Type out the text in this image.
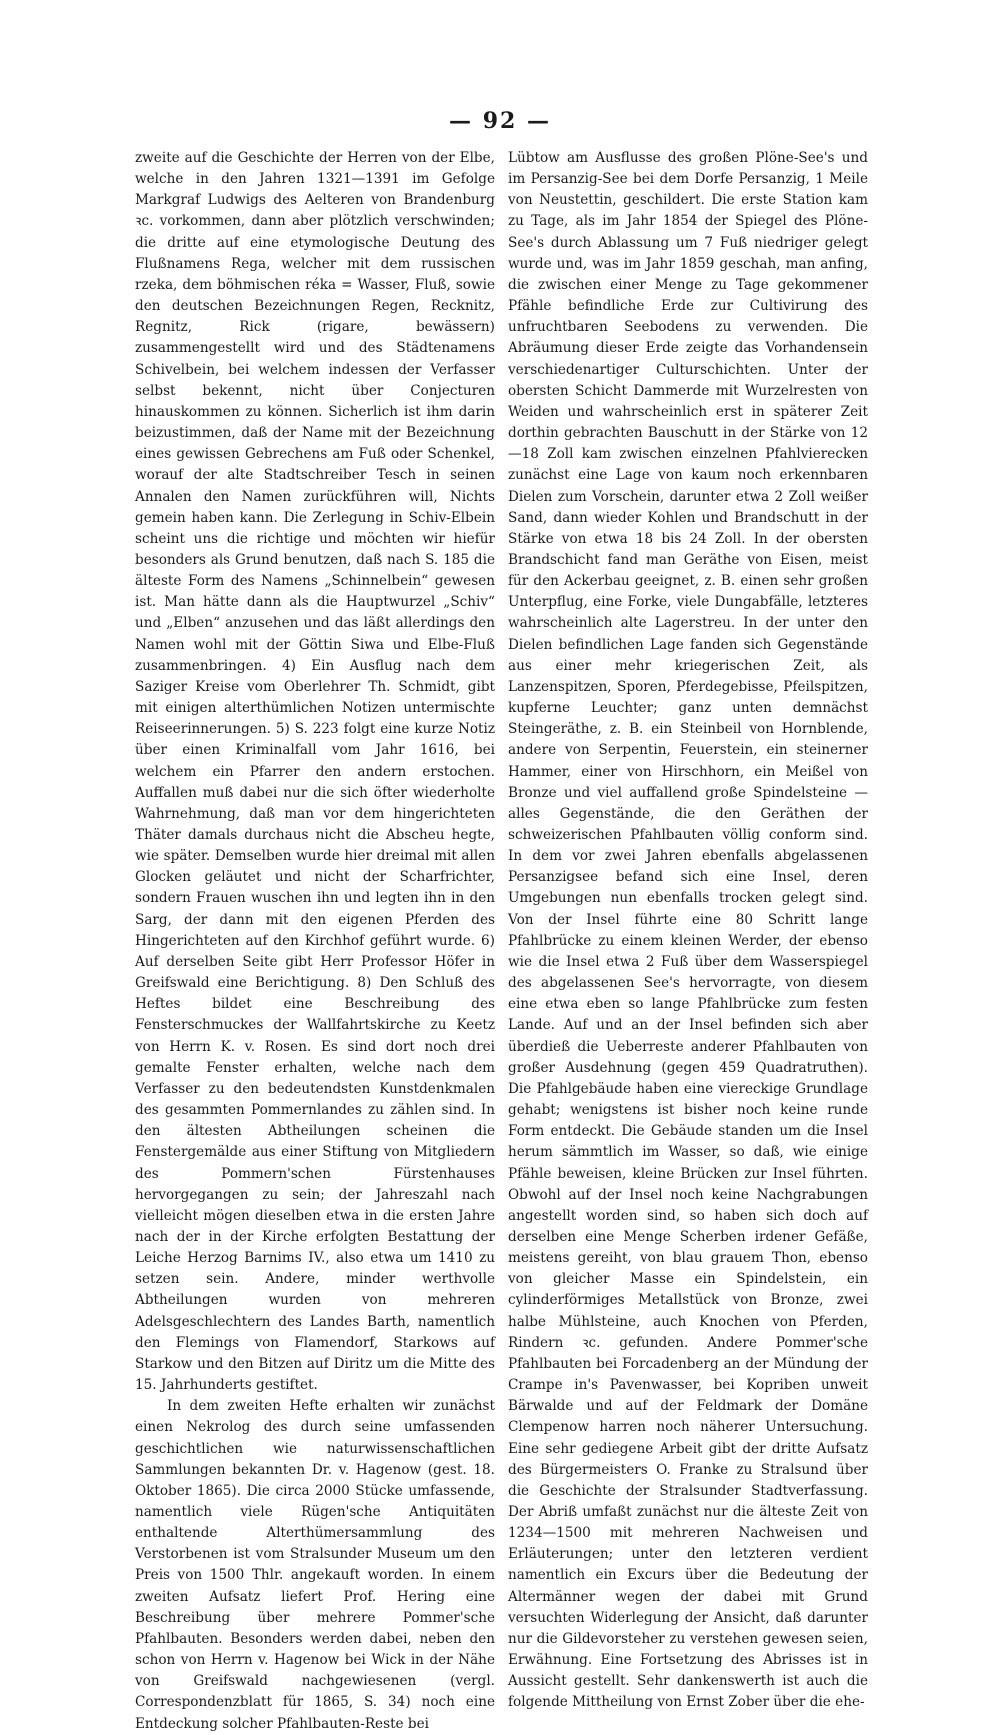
— 92 —

zweite auf die Geschichte der Herren von der Elbe, welche in den Jahren 1321—1391 im Gefolge Markgraf Ludwigs des Aelteren von Brandenburg ꝛc. vorkommen, dann aber plötzlich verschwinden; die dritte auf eine etymologische Deutung des Flußnamens Rega, welcher mit dem russischen rzeka, dem böhmischen réka = Wasser, Fluß, sowie den deutschen Bezeichnungen Regen, Recknitz, Regnitz, Rick (rigare, bewässern) zusammengestellt wird und des Städtenamens Schivelbein, bei welchem indessen der Verfasser selbst bekennt, nicht über Conjecturen hinauskommen zu können. Sicherlich ist ihm darin beizustimmen, daß der Name mit der Bezeichnung eines gewissen Gebrechens am Fuß oder Schenkel, worauf der alte Stadtschreiber Tesch in seinen Annalen den Namen zurückführen will, Nichts gemein haben kann. Die Zerlegung in Schiv-Elbein scheint uns die richtige und möchten wir hiefür besonders als Grund benutzen, daß nach S. 185 die älteste Form des Namens „Schinnelbein“ gewesen ist. Man hätte dann als die Hauptwurzel „Schiv“ und „Elben“ anzusehen und das läßt allerdings den Namen wohl mit der Göttin Siwa und Elbe-Fluß zusammenbringen. 4) Ein Ausflug nach dem Saziger Kreise vom Oberlehrer Th. Schmidt, gibt mit einigen alterthümlichen Notizen untermischte Reiseerinnerungen. 5) S. 223 folgt eine kurze Notiz über einen Kriminalfall vom Jahr 1616, bei welchem ein Pfarrer den andern erstochen. Auffallen muß dabei nur die sich öfter wiederholte Wahrnehmung, daß man vor dem hingerichteten Thäter damals durchaus nicht die Abscheu hegte, wie später. Demselben wurde hier dreimal mit allen Glocken geläutet und nicht der Scharfrichter, sondern Frauen wuschen ihn und legten ihn in den Sarg, der dann mit den eigenen Pferden des Hingerichteten auf den Kirchhof geführt wurde. 6) Auf derselben Seite gibt Herr Professor Höfer in Greifswald eine Berichtigung. 8) Den Schluß des Heftes bildet eine Beschreibung des Fensterschmuckes der Wallfahrtskirche zu Keetz von Herrn K. v. Rosen. Es sind dort noch drei gemalte Fenster erhalten, welche nach dem Verfasser zu den bedeutendsten Kunstdenkmalen des gesammten Pommernlandes zu zählen sind. In den ältesten Abtheilungen scheinen die Fenstergemälde aus einer Stiftung von Mitgliedern des Pommern'schen Fürstenhauses hervorgegangen zu sein; der Jahreszahl nach vielleicht mögen dieselben etwa in die ersten Jahre nach der in der Kirche erfolgten Bestattung der Leiche Herzog Barnims IV., also etwa um 1410 zu setzen sein. Andere, minder werthvolle Abtheilungen wurden von mehreren Adelsgeschlechtern des Landes Barth, namentlich den Flemings von Flamendorf, Starkows auf Starkow und den Bitzen auf Diritz um die Mitte des 15. Jahrhunderts gestiftet.

In dem zweiten Hefte erhalten wir zunächst einen Nekrolog des durch seine umfassenden geschichtlichen wie naturwissenschaftlichen Sammlungen bekannten Dr. v. Hagenow (gest. 18. Oktober 1865). Die circa 2000 Stücke umfassende, namentlich viele Rügen'sche Antiquitäten enthaltende Alterthümersammlung des Verstorbenen ist vom Stralsunder Museum um den Preis von 1500 Thlr. angekauft worden. In einem zweiten Aufsatz liefert Prof. Hering eine Beschreibung über mehrere Pommer'sche Pfahlbauten. Besonders werden dabei, neben den schon von Herrn v. Hagenow bei Wick in der Nähe von Greifswald nachgewiesenen (vergl. Correspondenzblatt für 1865, S. 34) noch eine Entdeckung solcher Pfahlbauten-Reste bei

Lübtow am Ausflusse des großen Plöne-See's und im Persanzig-See bei dem Dorfe Persanzig, 1 Meile von Neustettin, geschildert. Die erste Station kam zu Tage, als im Jahr 1854 der Spiegel des Plöne-See's durch Ablassung um 7 Fuß niedriger gelegt wurde und, was im Jahr 1859 geschah, man anfing, die zwischen einer Menge zu Tage gekommener Pfähle befindliche Erde zur Cultivirung des unfruchtbaren Seebodens zu verwenden. Die Abräumung dieser Erde zeigte das Vorhandensein verschiedenartiger Culturschichten. Unter der obersten Schicht Dammerde mit Wurzelresten von Weiden und wahrscheinlich erst in späterer Zeit dorthin gebrachten Bauschutt in der Stärke von 12—18 Zoll kam zwischen einzelnen Pfahlvierecken zunächst eine Lage von kaum noch erkennbaren Dielen zum Vorschein, darunter etwa 2 Zoll weißer Sand, dann wieder Kohlen und Brandschutt in der Stärke von etwa 18 bis 24 Zoll. In der obersten Brandschicht fand man Geräthe von Eisen, meist für den Ackerbau geeignet, z. B. einen sehr großen Unterpflug, eine Forke, viele Dungabfälle, letzteres wahrscheinlich alte Lagerstreu. In der unter den Dielen befindlichen Lage fanden sich Gegenstände aus einer mehr kriegerischen Zeit, als Lanzenspitzen, Sporen, Pferdegebisse, Pfeilspitzen, kupferne Leuchter; ganz unten demnächst Steingeräthe, z. B. ein Steinbeil von Hornblende, andere von Serpentin, Feuerstein, ein steinerner Hammer, einer von Hirschhorn, ein Meißel von Bronze und viel auffallend große Spindelsteine — alles Gegenstände, die den Geräthen der schweizerischen Pfahlbauten völlig conform sind. In dem vor zwei Jahren ebenfalls abgelassenen Persanzigsee befand sich eine Insel, deren Umgebungen nun ebenfalls trocken gelegt sind. Von der Insel führte eine 80 Schritt lange Pfahlbrücke zu einem kleinen Werder, der ebenso wie die Insel etwa 2 Fuß über dem Wasserspiegel des abgelassenen See's hervorragte, von diesem eine etwa eben so lange Pfahlbrücke zum festen Lande. Auf und an der Insel befinden sich aber überdieß die Ueberreste anderer Pfahlbauten von großer Ausdehnung (gegen 459 Quadratruthen). Die Pfahlgebäude haben eine viereckige Grundlage gehabt; wenigstens ist bisher noch keine runde Form entdeckt. Die Gebäude standen um die Insel herum sämmtlich im Wasser, so daß, wie einige Pfähle beweisen, kleine Brücken zur Insel führten. Obwohl auf der Insel noch keine Nachgrabungen angestellt worden sind, so haben sich doch auf derselben eine Menge Scherben irdener Gefäße, meistens gereiht, von blau grauem Thon, ebenso von gleicher Masse ein Spindelstein, ein cylinderförmiges Metallstück von Bronze, zwei halbe Mühlsteine, auch Knochen von Pferden, Rindern ꝛc. gefunden. Andere Pommer'sche Pfahlbauten bei Forcadenberg an der Mündung der Crampe in's Pavenwasser, bei Kopriben unweit Bärwalde und auf der Feldmark der Domäne Clempenow harren noch näherer Untersuchung. Eine sehr gediegene Arbeit gibt der dritte Aufsatz des Bürgermeisters O. Franke zu Stralsund über die Geschichte der Stralsunder Stadtverfassung. Der Abriß umfaßt zunächst nur die älteste Zeit von 1234—1500 mit mehreren Nachweisen und Erläuterungen; unter den letzteren verdient namentlich ein Excurs über die Bedeutung der Altermänner wegen der dabei mit Grund versuchten Widerlegung der Ansicht, daß darunter nur die Gildevorsteher zu verstehen gewesen seien, Erwähnung. Eine Fortsetzung des Abrisses ist in Aussicht gestellt. Sehr dankenswerth ist auch die folgende Mittheilung von Ernst Zober über die ehe-
